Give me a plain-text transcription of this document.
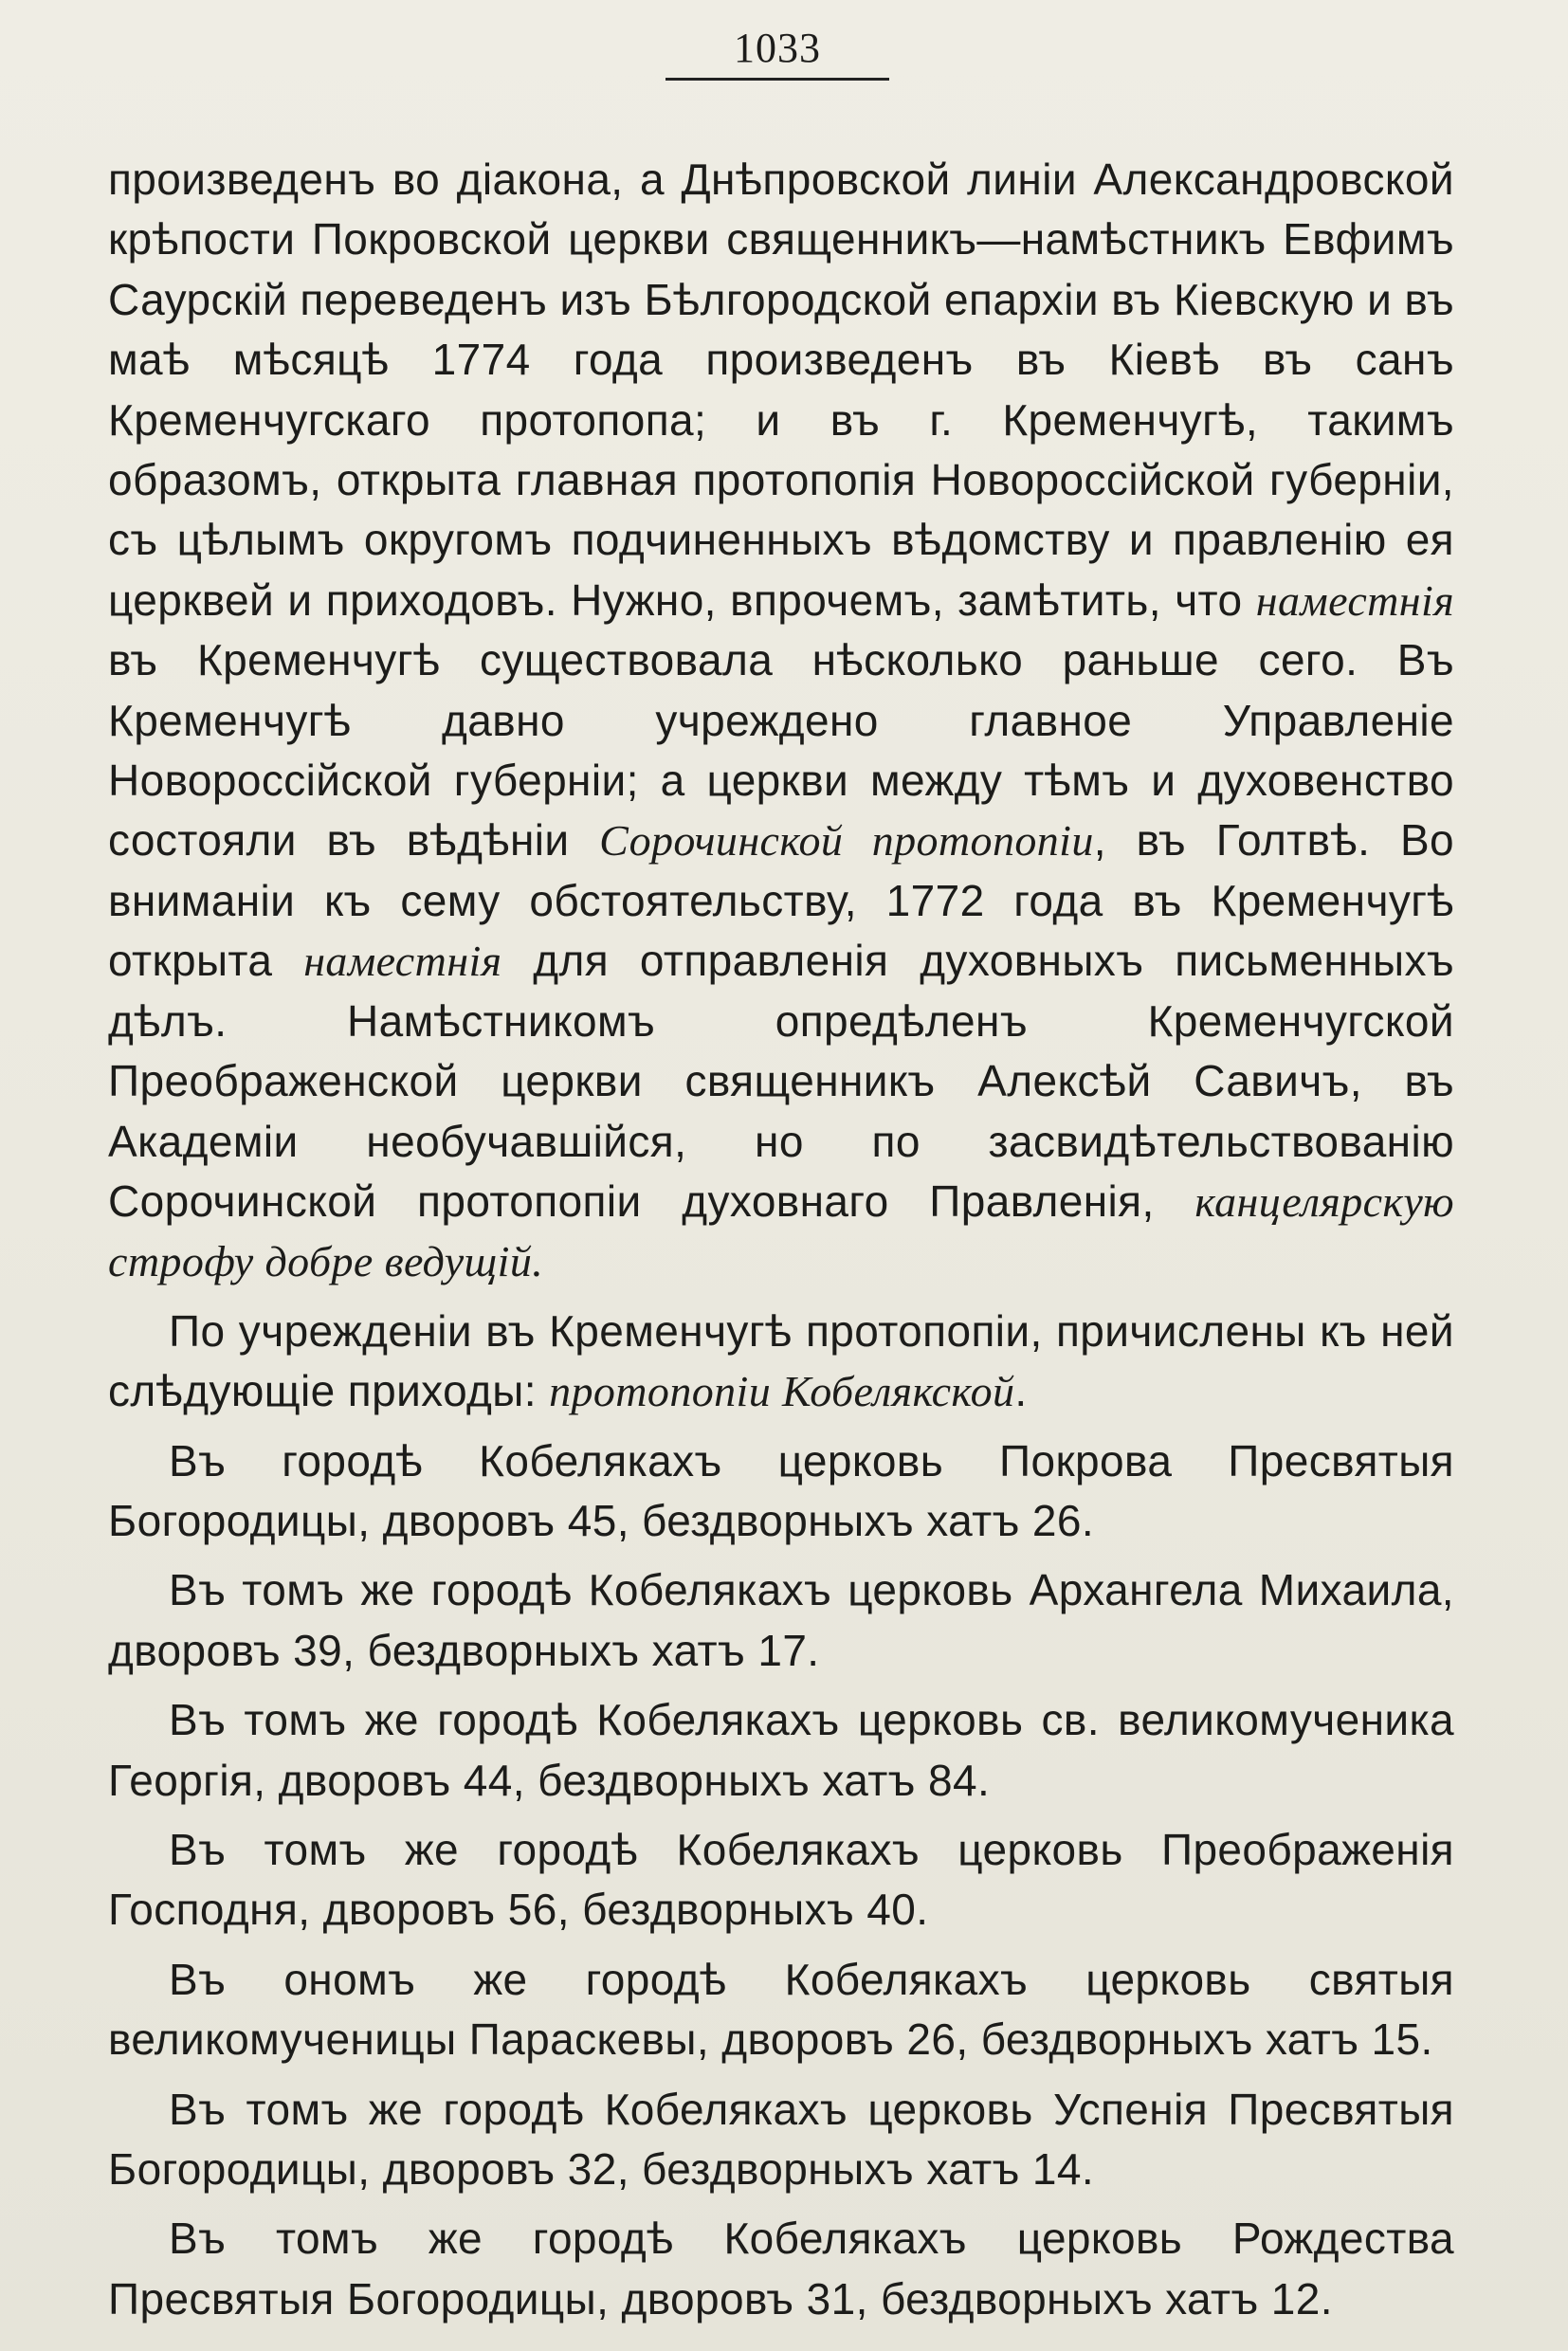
1033

произведенъ во діакона, а Днѣпровской линіи Александровской крѣпости Покровской церкви священникъ—намѣстникъ Евфимъ Саурскій переведенъ изъ Бѣлгородской епархіи въ Кіевскую и въ маѣ мѣсяцѣ 1774 года произведенъ въ Кіевѣ въ санъ Кременчугскаго протопопа; и въ г. Кременчугѣ, такимъ образомъ, открыта главная протопопія Новороссійской губерніи, съ цѣлымъ округомъ подчиненныхъ вѣдомству и правленію ея церквей и приходовъ. Нужно, впрочемъ, замѣтить, что наместнія въ Кременчугѣ существовала нѣсколько раньше сего. Въ Кременчугѣ давно учреждено главное Управленіе Новороссійской губерніи; а церкви между тѣмъ и духовенство состояли въ вѣдѣніи Сорочинской протопопіи, въ Голтвѣ. Во вниманіи къ сему обстоятельству, 1772 года въ Кременчугѣ открыта наместнія для отправленія духовныхъ письменныхъ дѣлъ. Намѣстникомъ опредѣленъ Кременчугской Преображенской церкви священникъ Алексѣй Савичъ, въ Академіи необучавшійся, но по засвидѣтельствованію Сорочинской протопопіи духовнаго Правленія, канцелярскую строфу добре ведущій.

По учрежденіи въ Кременчугѣ протопопіи, причислены къ ней слѣдующіе приходы: протопопіи Кобелякской.

Въ городѣ Кобелякахъ церковь Покрова Пресвятыя Богородицы, дворовъ 45, бездворныхъ хатъ 26.

Въ томъ же городѣ Кобелякахъ церковь Архангела Михаила, дворовъ 39, бездворныхъ хатъ 17.

Въ томъ же городѣ Кобелякахъ церковь св. великомученика Георгія, дворовъ 44, бездворныхъ хатъ 84.

Въ томъ же городѣ Кобелякахъ церковь Преображенія Господня, дворовъ 56, бездворныхъ 40.

Въ ономъ же городѣ Кобелякахъ церковь святыя великомученицы Параскевы, дворовъ 26, бездворныхъ хатъ 15.

Въ томъ же городѣ Кобелякахъ церковь Успенія Пресвятыя Богородицы, дворовъ 32, бездворныхъ хатъ 14.

Въ томъ же городѣ Кобелякахъ церковь Рождества Пресвятыя Богородицы, дворовъ 31, бездворныхъ хатъ 12.
